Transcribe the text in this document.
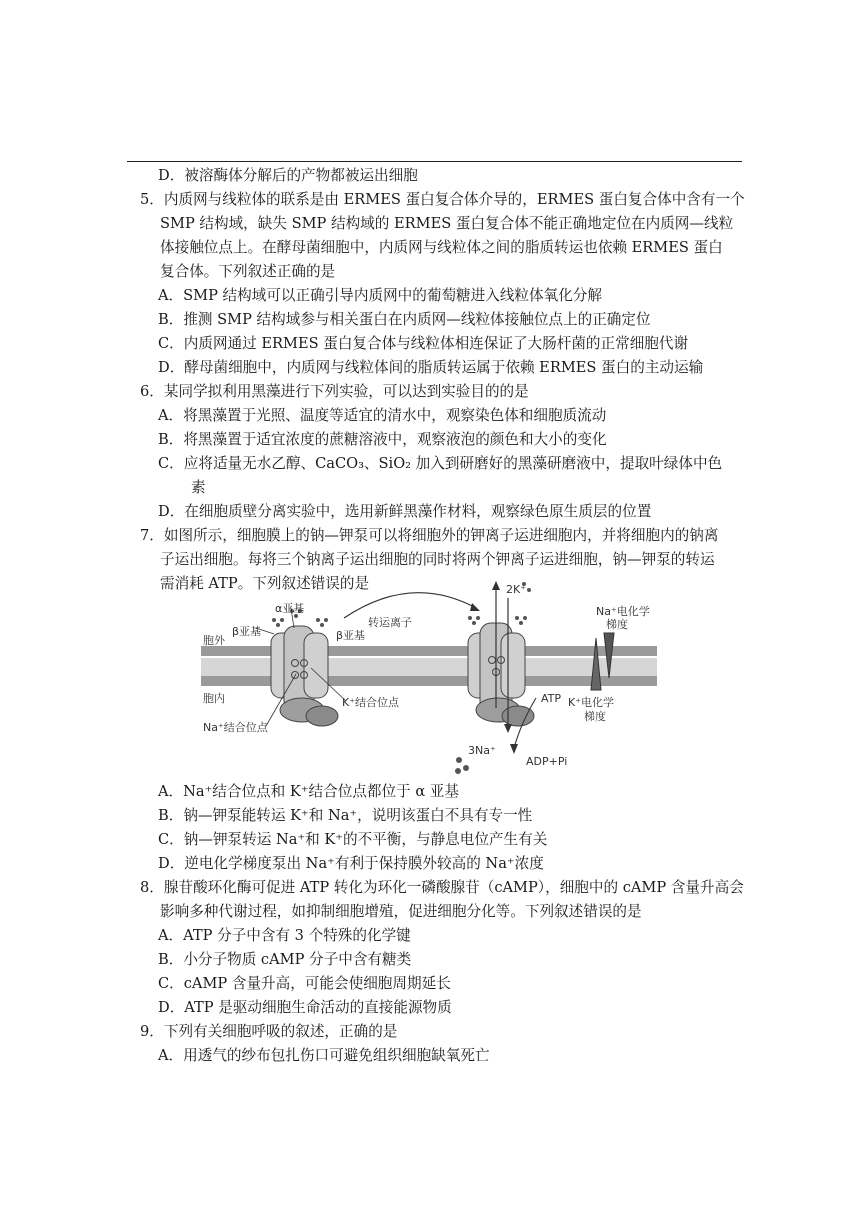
D．被溶酶体分解后的产物都被运出细胞
5．内质网与线粒体的联系是由 ERMES 蛋白复合体介导的，ERMES 蛋白复合体中含有一个
SMP 结构域，缺失 SMP 结构域的 ERMES 蛋白复合体不能正确地定位在内质网—线粒
体接触位点上。在酵母菌细胞中，内质网与线粒体之间的脂质转运也依赖 ERMES 蛋白
复合体。下列叙述正确的是
A．SMP 结构域可以正确引导内质网中的葡萄糖进入线粒体氧化分解
B．推测 SMP 结构域参与相关蛋白在内质网—线粒体接触位点上的正确定位
C．内质网通过 ERMES 蛋白复合体与线粒体相连保证了大肠杆菌的正常细胞代谢
D．酵母菌细胞中，内质网与线粒体间的脂质转运属于依赖 ERMES 蛋白的主动运输
6．某同学拟利用黑藻进行下列实验，可以达到实验目的的是
A．将黑藻置于光照、温度等适宜的清水中，观察染色体和细胞质流动
B．将黑藻置于适宜浓度的蔗糖溶液中，观察液泡的颜色和大小的变化
C．应将适量无水乙醇、CaCO₃、SiO₂ 加入到研磨好的黑藻研磨液中，提取叶绿体中色
素
D．在细胞质壁分离实验中，选用新鲜黑藻作材料，观察绿色原生质层的位置
7．如图所示，细胞膜上的钠—钾泵可以将细胞外的钾离子运进细胞内，并将细胞内的钠离
子运出细胞。每将三个钠离子运出细胞的同时将两个钾离子运进细胞，钠—钾泵的转运
需消耗 ATP。下列叙述错误的是
α亚基
β亚基	β亚基
胞外
胞内
转运离子
K⁺结合位点
Na⁺结合位点
2K⁺
ATP
3Na⁺
ADP+Pi
Na⁺电化学
梯度
K⁺电化学
梯度
A．Na⁺结合位点和 K⁺结合位点都位于 α 亚基
B．钠—钾泵能转运 K⁺和 Na⁺，说明该蛋白不具有专一性
C．钠—钾泵转运 Na⁺和 K⁺的不平衡，与静息电位产生有关
D．逆电化学梯度泵出 Na⁺有利于保持膜外较高的 Na⁺浓度
8．腺苷酸环化酶可促进 ATP 转化为环化一磷酸腺苷（cAMP），细胞中的 cAMP 含量升高会
影响多种代谢过程，如抑制细胞增殖，促进细胞分化等。下列叙述错误的是
A．ATP 分子中含有 3 个特殊的化学键
B．小分子物质 cAMP 分子中含有糖类
C．cAMP 含量升高，可能会使细胞周期延长
D．ATP 是驱动细胞生命活动的直接能源物质
9．下列有关细胞呼吸的叙述，正确的是
A．用透气的纱布包扎伤口可避免组织细胞缺氧死亡
